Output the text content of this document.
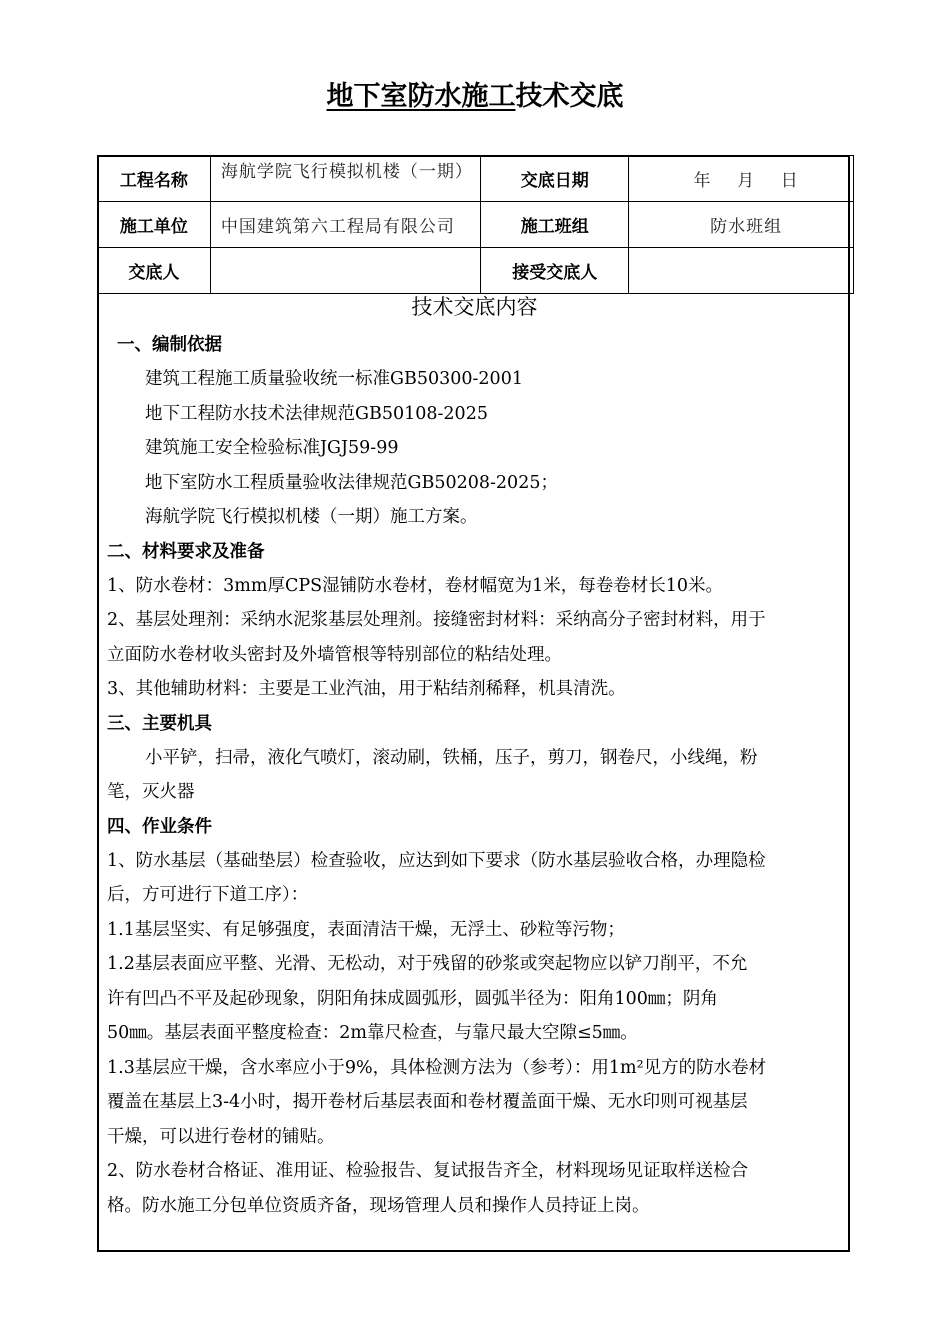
地下室防水施工技术交底
工程名称	海航学院飞行模拟机楼（一期）	交底日期	年    月    日
施工单位	中国建筑第六工程局有限公司	施工班组	防水班组
交底人		接受交底人	
技术交底内容
一、编制依据
建筑工程施工质量验收统一标准GB50300-2001
地下工程防水技术法律规范GB50108-2025
建筑施工安全检验标准JGJ59-99
地下室防水工程质量验收法律规范GB50208-2025；
海航学院飞行模拟机楼（一期）施工方案。
二、材料要求及准备
1、防水卷材：3mm厚CPS湿铺防水卷材，卷材幅宽为1米，每卷卷材长10米。
2、基层处理剂：采纳水泥浆基层处理剂。接缝密封材料：采纳高分子密封材料，用于
立面防水卷材收头密封及外墙管根等特别部位的粘结处理。
3、其他辅助材料：主要是工业汽油，用于粘结剂稀释，机具清洗。
三、主要机具
小平铲，扫帚，液化气喷灯，滚动刷，铁桶，压子，剪刀，钢卷尺，小线绳，粉
笔，灭火器
四、作业条件
1、防水基层（基础垫层）检查验收，应达到如下要求（防水基层验收合格，办理隐检
后，方可进行下道工序）：
1.1基层坚实、有足够强度，表面清洁干燥，无浮土、砂粒等污物；
1.2基层表面应平整、光滑、无松动，对于残留的砂浆或突起物应以铲刀削平，不允
许有凹凸不平及起砂现象，阴阳角抹成圆弧形，圆弧半径为：阳角100㎜；阴角
50㎜。基层表面平整度检查：2m靠尺检查，与靠尺最大空隙≤5㎜。
1.3基层应干燥，含水率应小于9%，具体检测方法为（参考）：用1m²见方的防水卷材
覆盖在基层上3-4小时，揭开卷材后基层表面和卷材覆盖面干燥、无水印则可视基层
干燥，可以进行卷材的铺贴。
2、防水卷材合格证、准用证、检验报告、复试报告齐全，材料现场见证取样送检合
格。防水施工分包单位资质齐备，现场管理人员和操作人员持证上岗。
